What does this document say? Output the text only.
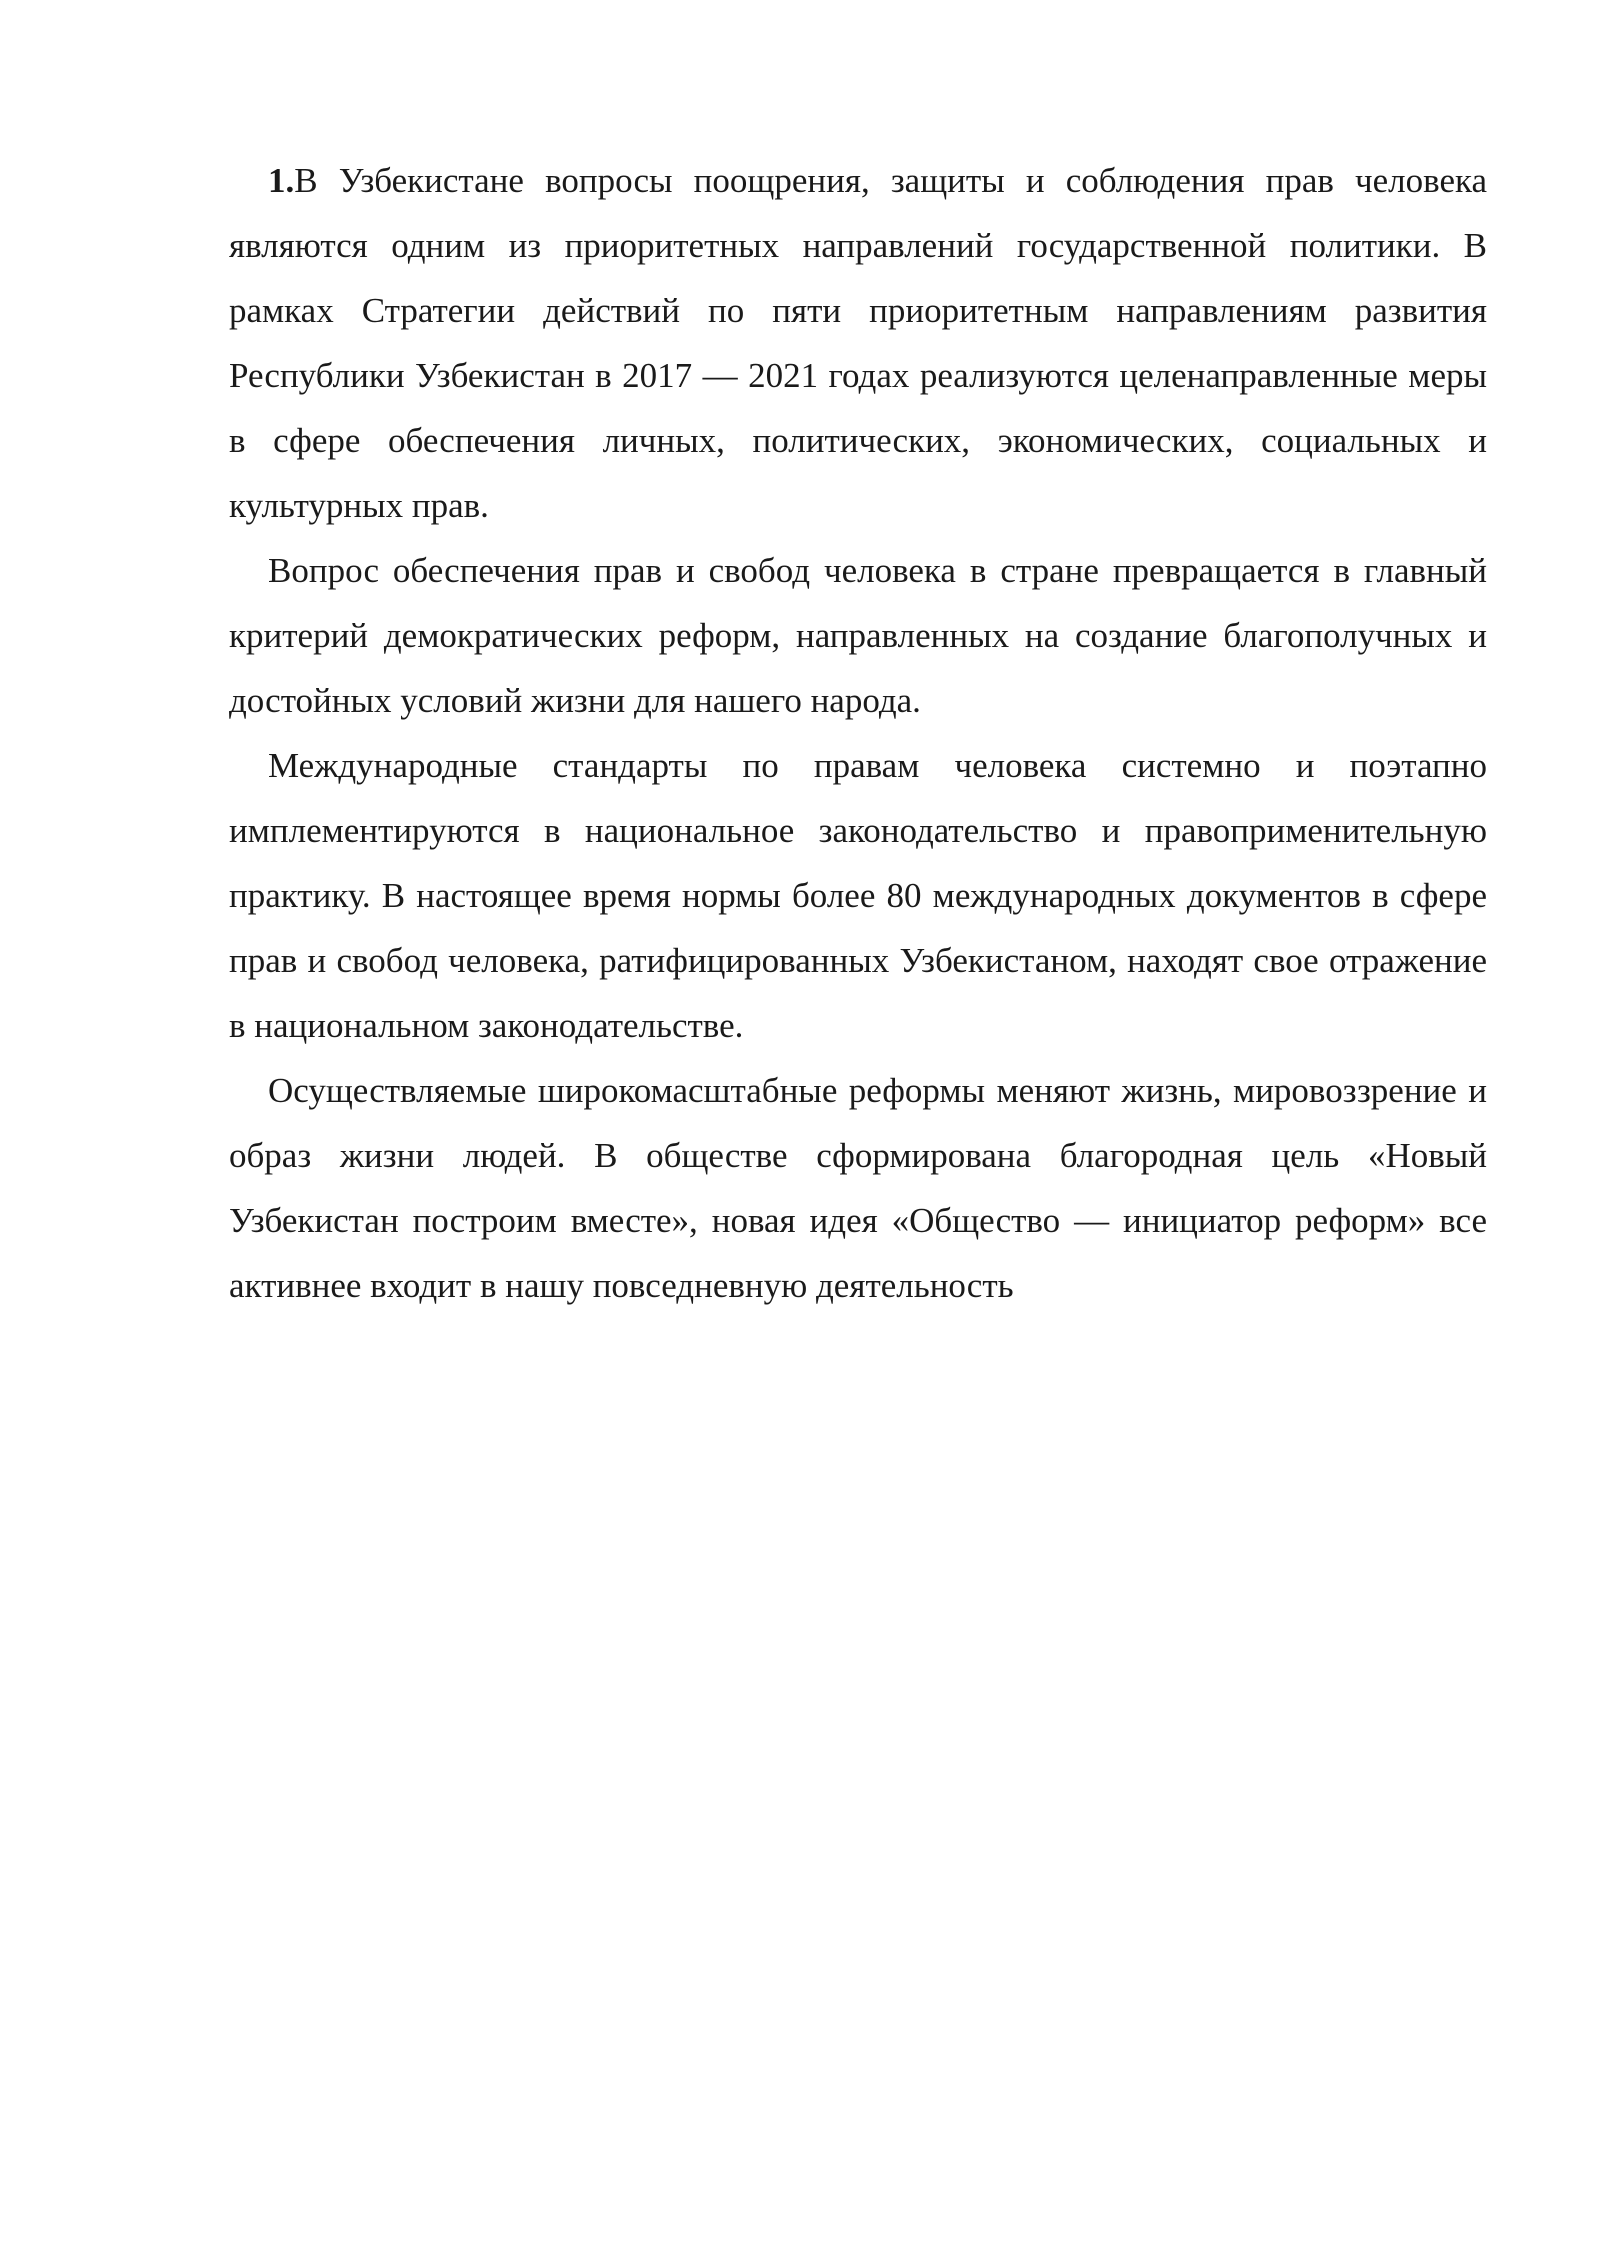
1.В Узбекистане вопросы поощрения, защиты и соблюдения прав человека являются одним из приоритетных направлений государственной политики. В рамках Стратегии действий по пяти приоритетным направлениям развития Республики Узбекистан в 2017 — 2021 годах реализуются целенаправленные меры в сфере обеспечения личных, политических, экономических, социальных и культурных прав.

Вопрос обеспечения прав и свобод человека в стране превращается в главный критерий демократических реформ, направленных на создание благополучных и достойных условий жизни для нашего народа.

Международные стандарты по правам человека системно и поэтапно имплементируются в национальное законодательство и правоприменительную практику. В настоящее время нормы более 80 международных документов в сфере прав и свобод человека, ратифицированных Узбекистаном, находят свое отражение в национальном законодательстве.

Осуществляемые широкомасштабные реформы меняют жизнь, мировоззрение и образ жизни людей. В обществе сформирована благородная цель «Новый Узбекистан построим вместе», новая идея «Общество — инициатор реформ» все активнее входит в нашу повседневную деятельность
